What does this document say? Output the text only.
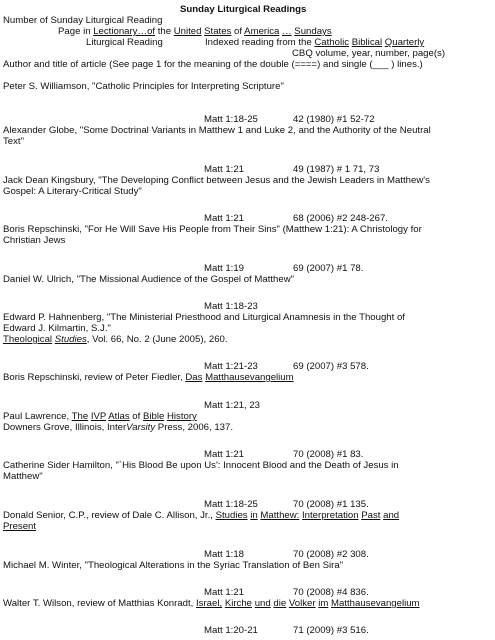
Sunday Liturgical Readings
Number of Sunday Liturgical Reading
Page in Lectionary…of the United States of America … Sundays
Liturgical Reading	Indexed reading from the Catholic Biblical Quarterly
CBQ volume, year, number, page(s)
Author and title of article (See page 1 for the meaning of the double (====) and single (___ ) lines.)
Peter S. Williamson, "Catholic Principles for Interpreting Scripture"
Matt 1:18-25	42 (1980) #1 52-72
Alexander Globe, "Some Doctrinal Variants in Matthew 1 and Luke 2, and the Authority of the Neutral
Text"
Matt 1:21	49 (1987) # 1 71, 73
Jack Dean Kingsbury, "The Developing Conflict between Jesus and the Jewish Leaders in Matthew's
Gospel: A Literary-Critical Study"
Matt 1:21	68 (2006) #2 248-267.
Boris Repschinski, "For He Will Save His People from Their Sins" (Matthew 1:21): A Christology for
Christian Jews
Matt 1:19	69 (2007) #1 78.
Daniel W. Ulrich, "The Missional Audience of the Gospel of Matthew"
Matt 1:18-23
Edward P. Hahnenberg, "The Ministerial Priesthood and Liturgical Anamnesis in the Thought of
Edward J. Kilmartin, S.J."
Theological Studies, Vol. 66, No. 2 (June 2005), 260.
Matt 1:21-23	69 (2007) #3 578.
Boris Repschinski, review of Peter Fiedler, Das Matthausevangelium
Matt 1:21, 23
Paul Lawrence, The IVP Atlas of Bible History
Downers Grove, Illinois, InterVarsity Press, 2006, 137.
Matt 1:21	70 (2008) #1 83.
Catherine Sider Hamilton, "`His Blood Be upon Us': Innocent Blood and the Death of Jesus in
Matthew"
Matt 1:18-25	70 (2008) #1 135.
Donald Senior, C.P., review of Dale C. Allison, Jr., Studies in Matthew: Interpretation Past and
Present
Matt 1:18	70 (2008) #2 308.
Michael M. Winter, "Theological Alterations in the Syriac Translation of Ben Sira"
Matt 1:21	70 (2008) #4 836.
Walter T. Wilson, review of Matthias Konradt, Israel, Kirche und die Volker im Matthausevangelium
Matt 1:20-21	71 (2009) #3 516.
